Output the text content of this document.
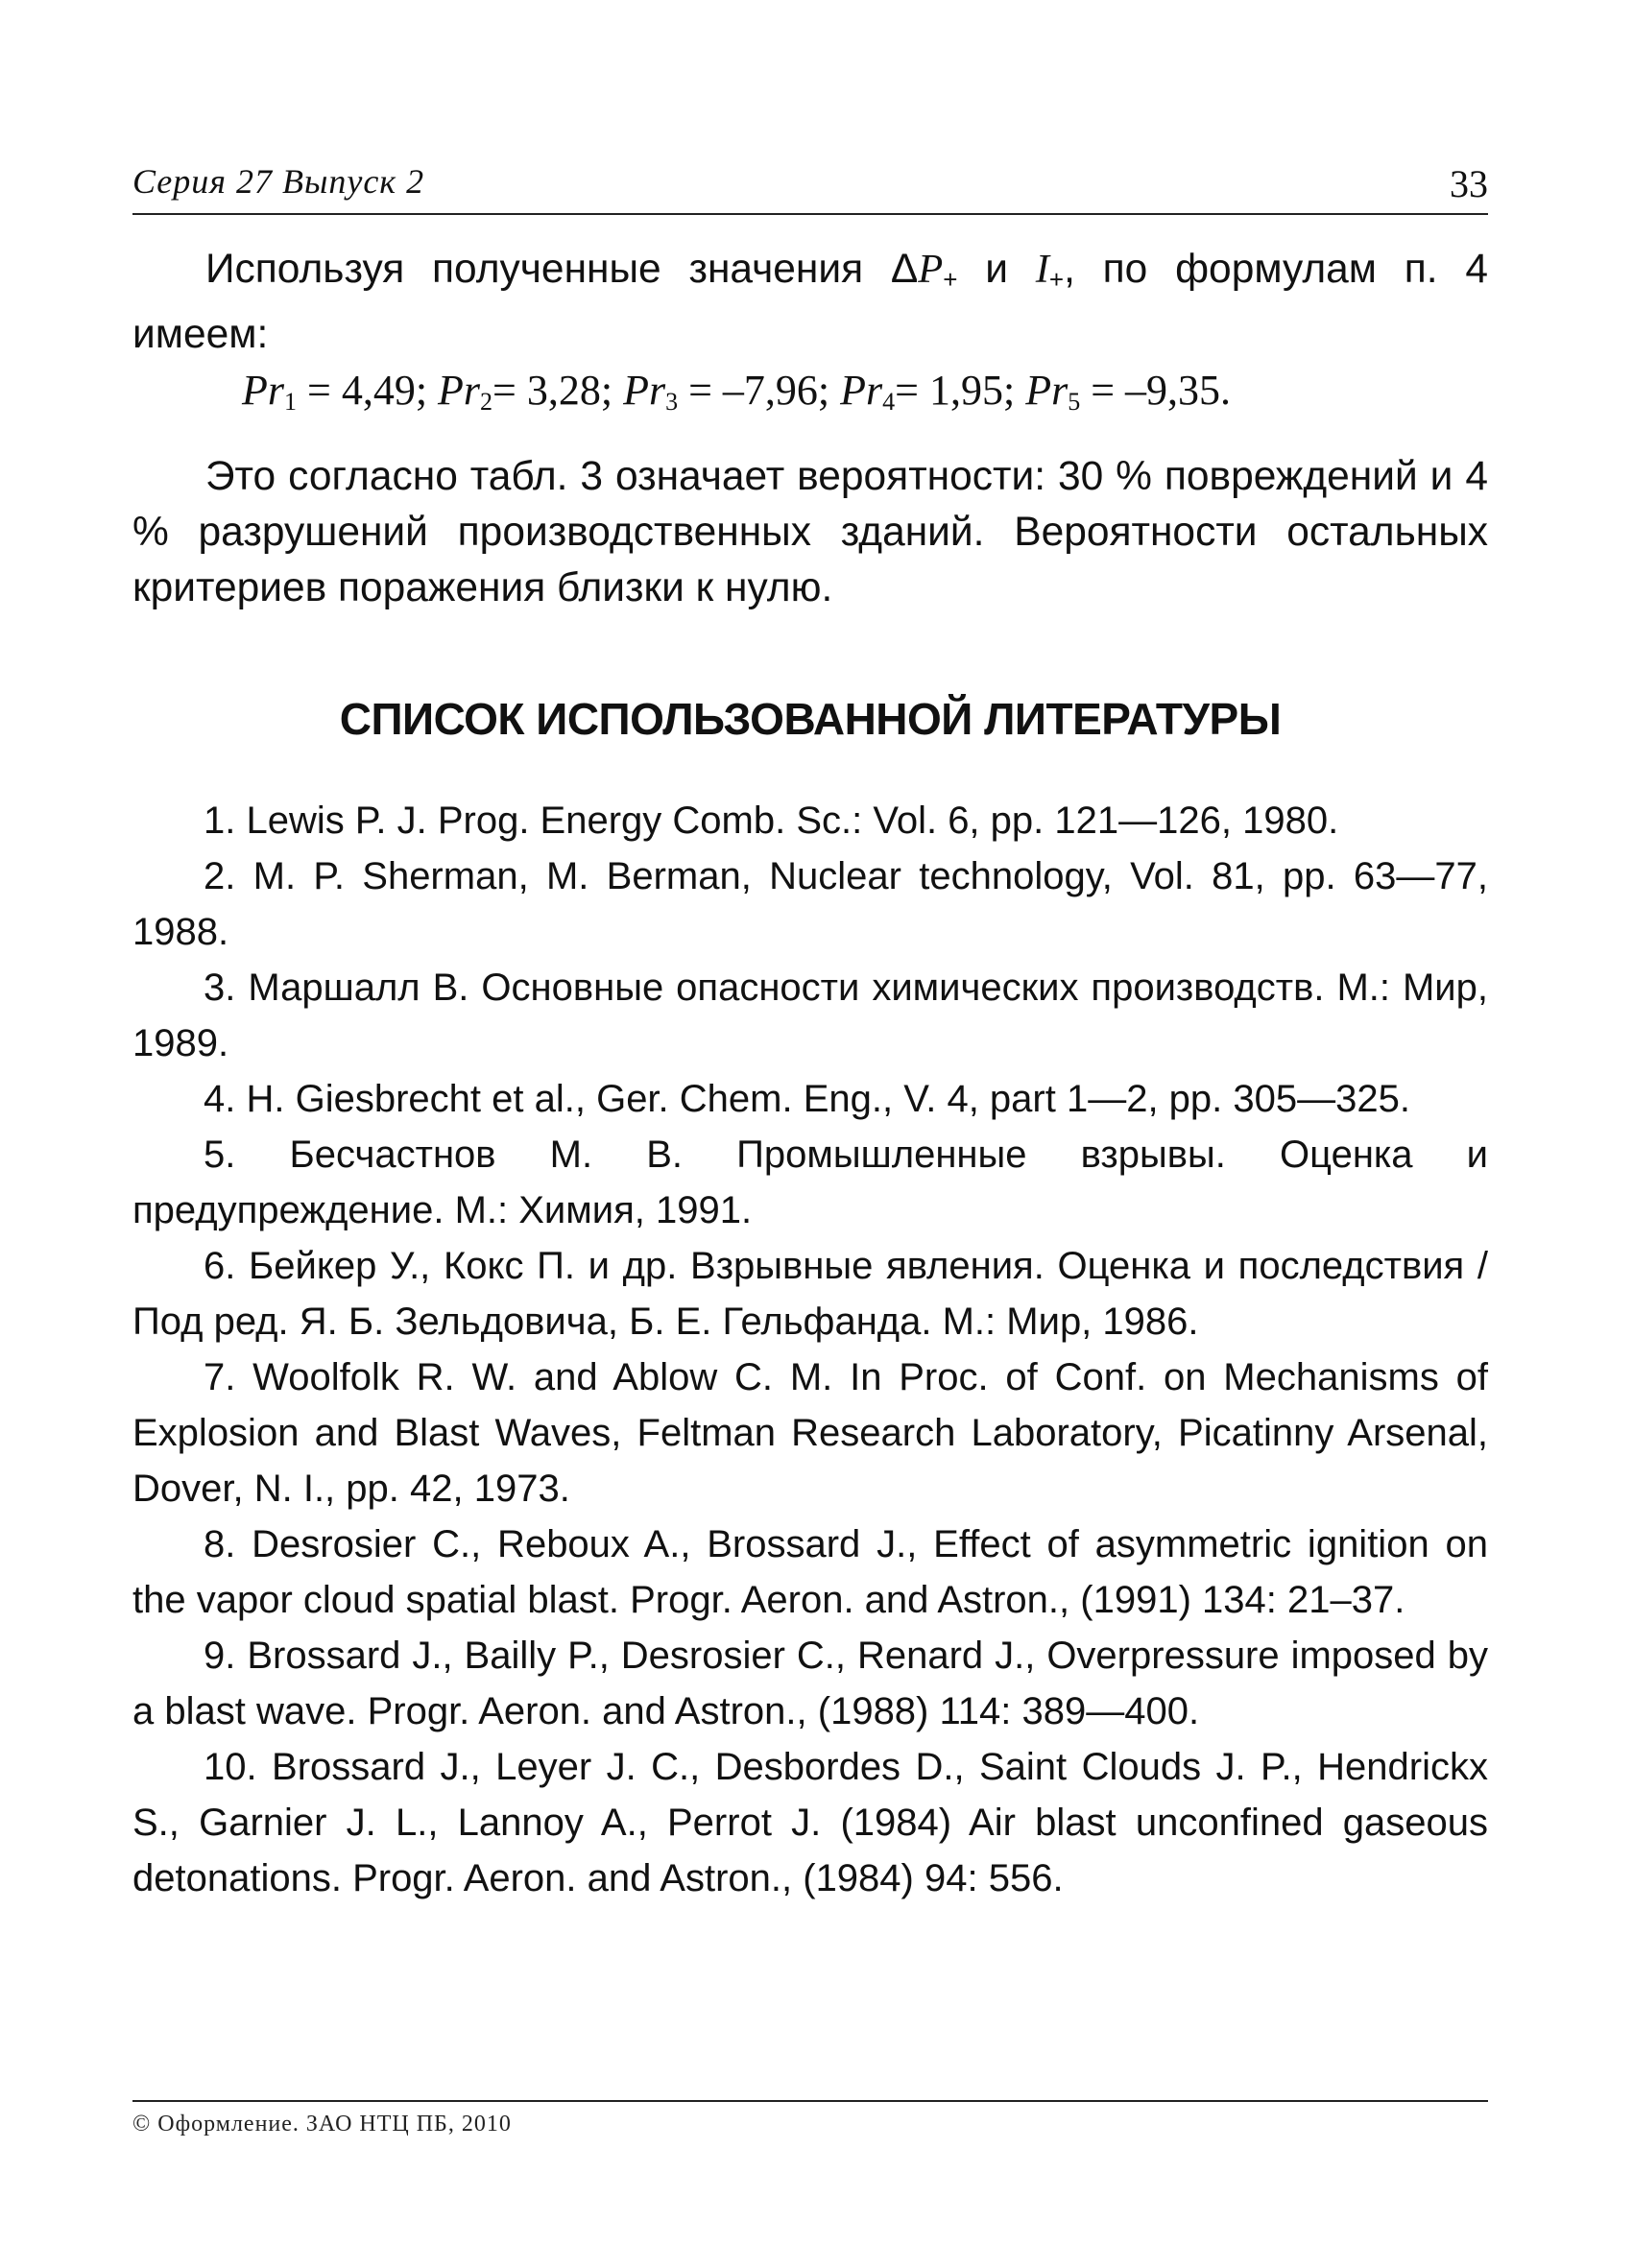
Серия 27 Выпуск 2	33

Используя полученные значения $\Delta P_+$ и $I_+$, по формулам п. 4 имеем:

$Pr_1 = 4,49$; $Pr_2= 3,28$; $Pr_3 = -7,96$; $Pr_4= 1,95$; $Pr_5 = -9,35$.

Это согласно табл. 3 означает вероятности: 30 % повреждений и 4 % разрушений производственных зданий. Вероятности остальных критериев поражения близки к нулю.

СПИСОК ИСПОЛЬЗОВАННОЙ ЛИТЕРАТУРЫ
1. Lewis P. J. Prog. Energy Comb. Sc.: Vol. 6, pp. 121—126, 1980.
2. M. P. Sherman, M. Berman, Nuclear technology, Vol. 81, pp. 63—77, 1988.
3. Маршалл В. Основные опасности химических производств. М.: Мир, 1989.
4. H. Giesbrecht et al., Ger. Chem. Eng., V. 4, part 1—2, pp. 305—325.
5. Бесчастнов М. В. Промышленные взрывы. Оценка и предупреждение. М.: Химия, 1991.
6. Бейкер У., Кокс П. и др. Взрывные явления. Оценка и последствия / Под ред. Я. Б. Зельдовича, Б. Е. Гельфанда. М.: Мир, 1986.
7. Woolfolk R. W. and Ablow C. M. In Proc. of Conf. on Mechanisms of Explosion and Blast Waves, Feltman Research Laboratory, Picatinny Arsenal, Dover, N. I., pp. 42, 1973.
8. Desrosier C., Reboux A., Brossard J., Effect of asymmetric ignition on the vapor cloud spatial blast. Progr. Aeron. and Astron., (1991) 134: 21–37.
9. Brossard J., Bailly P., Desrosier C., Renard J., Overpressure imposed by a blast wave. Progr. Aeron. and Astron., (1988) 114: 389—400.
10. Brossard J., Leyer J. C., Desbordes D., Saint Clouds J. P., Hendrickx S., Garnier J. L., Lannoy A., Perrot J. (1984) Air blast unconfined gaseous detonations. Progr. Aeron. and Astron., (1984) 94: 556.
© Оформление. ЗАО НТЦ ПБ, 2010
